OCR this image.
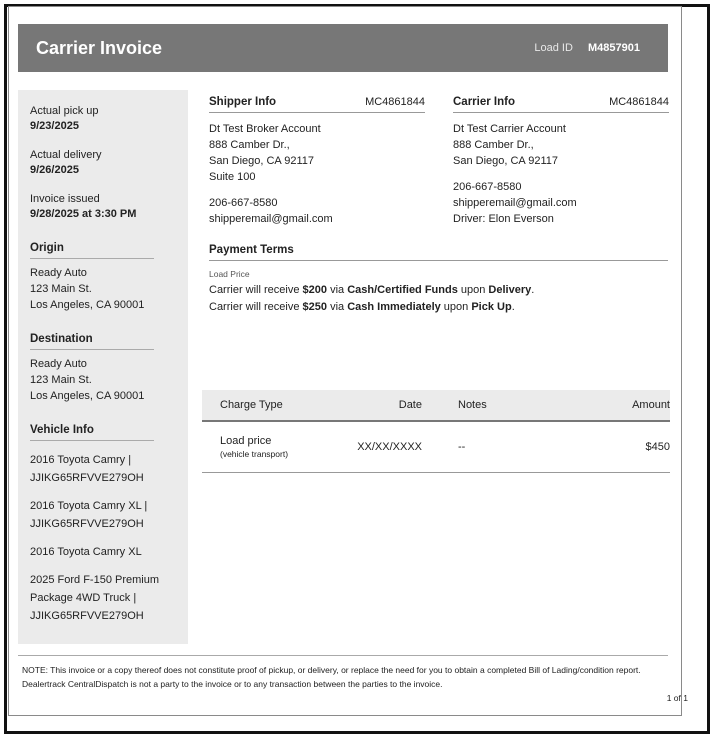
Carrier Invoice	Load ID M4857901
Actual pick up
9/23/2025
Actual delivery
9/26/2025
Invoice issued
9/28/2025 at 3:30 PM
Origin
Ready Auto
123 Main St.
Los Angeles, CA 90001
Destination
Ready Auto
123 Main St.
Los Angeles, CA 90001
Vehicle Info
2016 Toyota Camry |
JJIKG65RFVVE279OH
2016 Toyota Camry XL |
JJIKG65RFVVE279OH
2016 Toyota Camry XL
2025 Ford F-150 Premium
Package 4WD Truck |
JJIKG65RFVVE279OH
Shipper Info	MC4861844
Dt Test Broker Account
888 Camber Dr.,
San Diego, CA 92117
Suite 100
206-667-8580
shipperemail@gmail.com
Carrier Info	MC4861844
Dt Test Carrier Account
888 Camber Dr.,
San Diego, CA 92117
206-667-8580
shipperemail@gmail.com
Driver: Elon Everson
Payment Terms
Load Price
Carrier will receive $200 via Cash/Certified Funds upon Delivery.
Carrier will receive $250 via Cash Immediately upon Pick Up.
Charge Type	Date	Notes	Amount
Load price
(vehicle transport)
XX/XX/XXXX	--	$450
NOTE: This invoice or a copy thereof does not constitute proof of pickup, or delivery, or replace the need for you to obtain a completed Bill of Lading/condition report. Dealertrack CentralDispatch is not a party to the invoice or to any transaction between the parties to the invoice.
1 of 1
